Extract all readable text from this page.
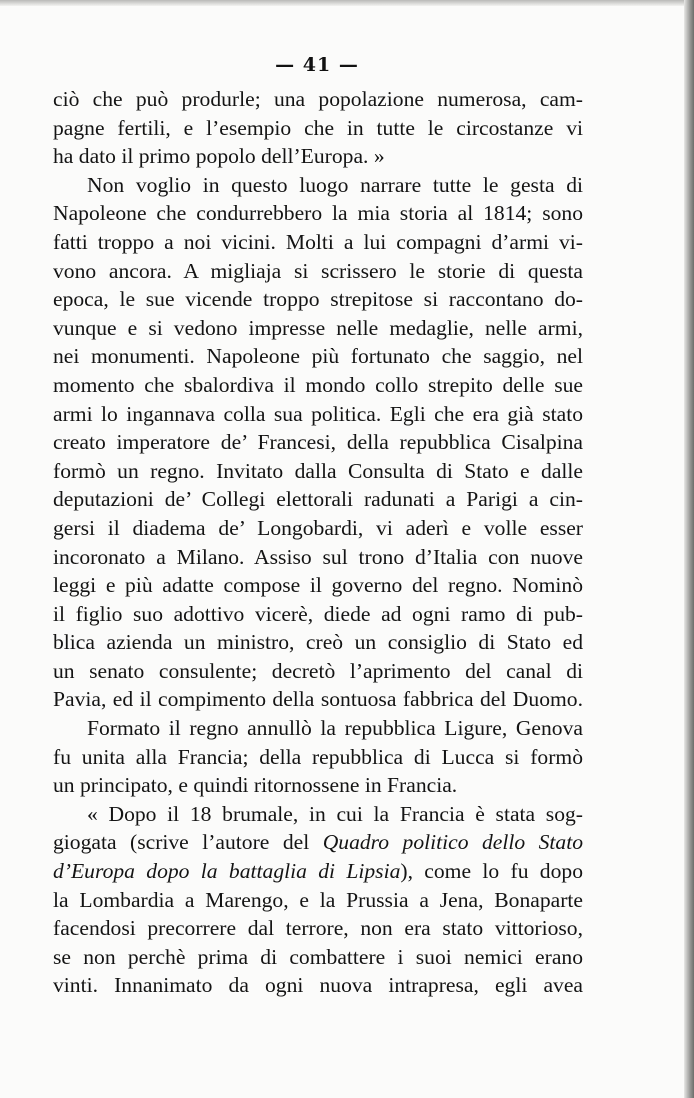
— 41 —
ciò che può produrle; una popolazione numerosa, cam-
pagne fertili, e l’esempio che in tutte le circostanze vi
ha dato il primo popolo dell’Europa. »
Non voglio in questo luogo narrare tutte le gesta di
Napoleone che condurrebbero la mia storia al 1814; sono
fatti troppo a noi vicini. Molti a lui compagni d’armi vi-
vono ancora. A migliaja si scrissero le storie di questa
epoca, le sue vicende troppo strepitose si raccontano do-
vunque e si vedono impresse nelle medaglie, nelle armi,
nei monumenti. Napoleone più fortunato che saggio, nel
momento che sbalordiva il mondo collo strepito delle sue
armi lo ingannava colla sua politica. Egli che era già stato
creato imperatore de’ Francesi, della repubblica Cisalpina
formò un regno. Invitato dalla Consulta di Stato e dalle
deputazioni de’ Collegi elettorali radunati a Parigi a cin-
gersi il diadema de’ Longobardi, vi aderì e volle esser
incoronato a Milano. Assiso sul trono d’Italia con nuove
leggi e più adatte compose il governo del regno. Nominò
il figlio suo adottivo vicerè, diede ad ogni ramo di pub-
blica azienda un ministro, creò un consiglio di Stato ed
un senato consulente; decretò l’aprimento del canal di
Pavia, ed il compimento della sontuosa fabbrica del Duomo.
Formato il regno annullò la repubblica Ligure, Genova
fu unita alla Francia; della repubblica di Lucca si formò
un principato, e quindi ritornossene in Francia.
« Dopo il 18 brumale, in cui la Francia è stata sog-
giogata (scrive l’autore del Quadro politico dello Stato
d’Europa dopo la battaglia di Lipsia), come lo fu dopo
la Lombardia a Marengo, e la Prussia a Jena, Bonaparte
facendosi precorrere dal terrore, non era stato vittorioso,
se non perchè prima di combattere i suoi nemici erano
vinti. Innanimato da ogni nuova intrapresa, egli avea
